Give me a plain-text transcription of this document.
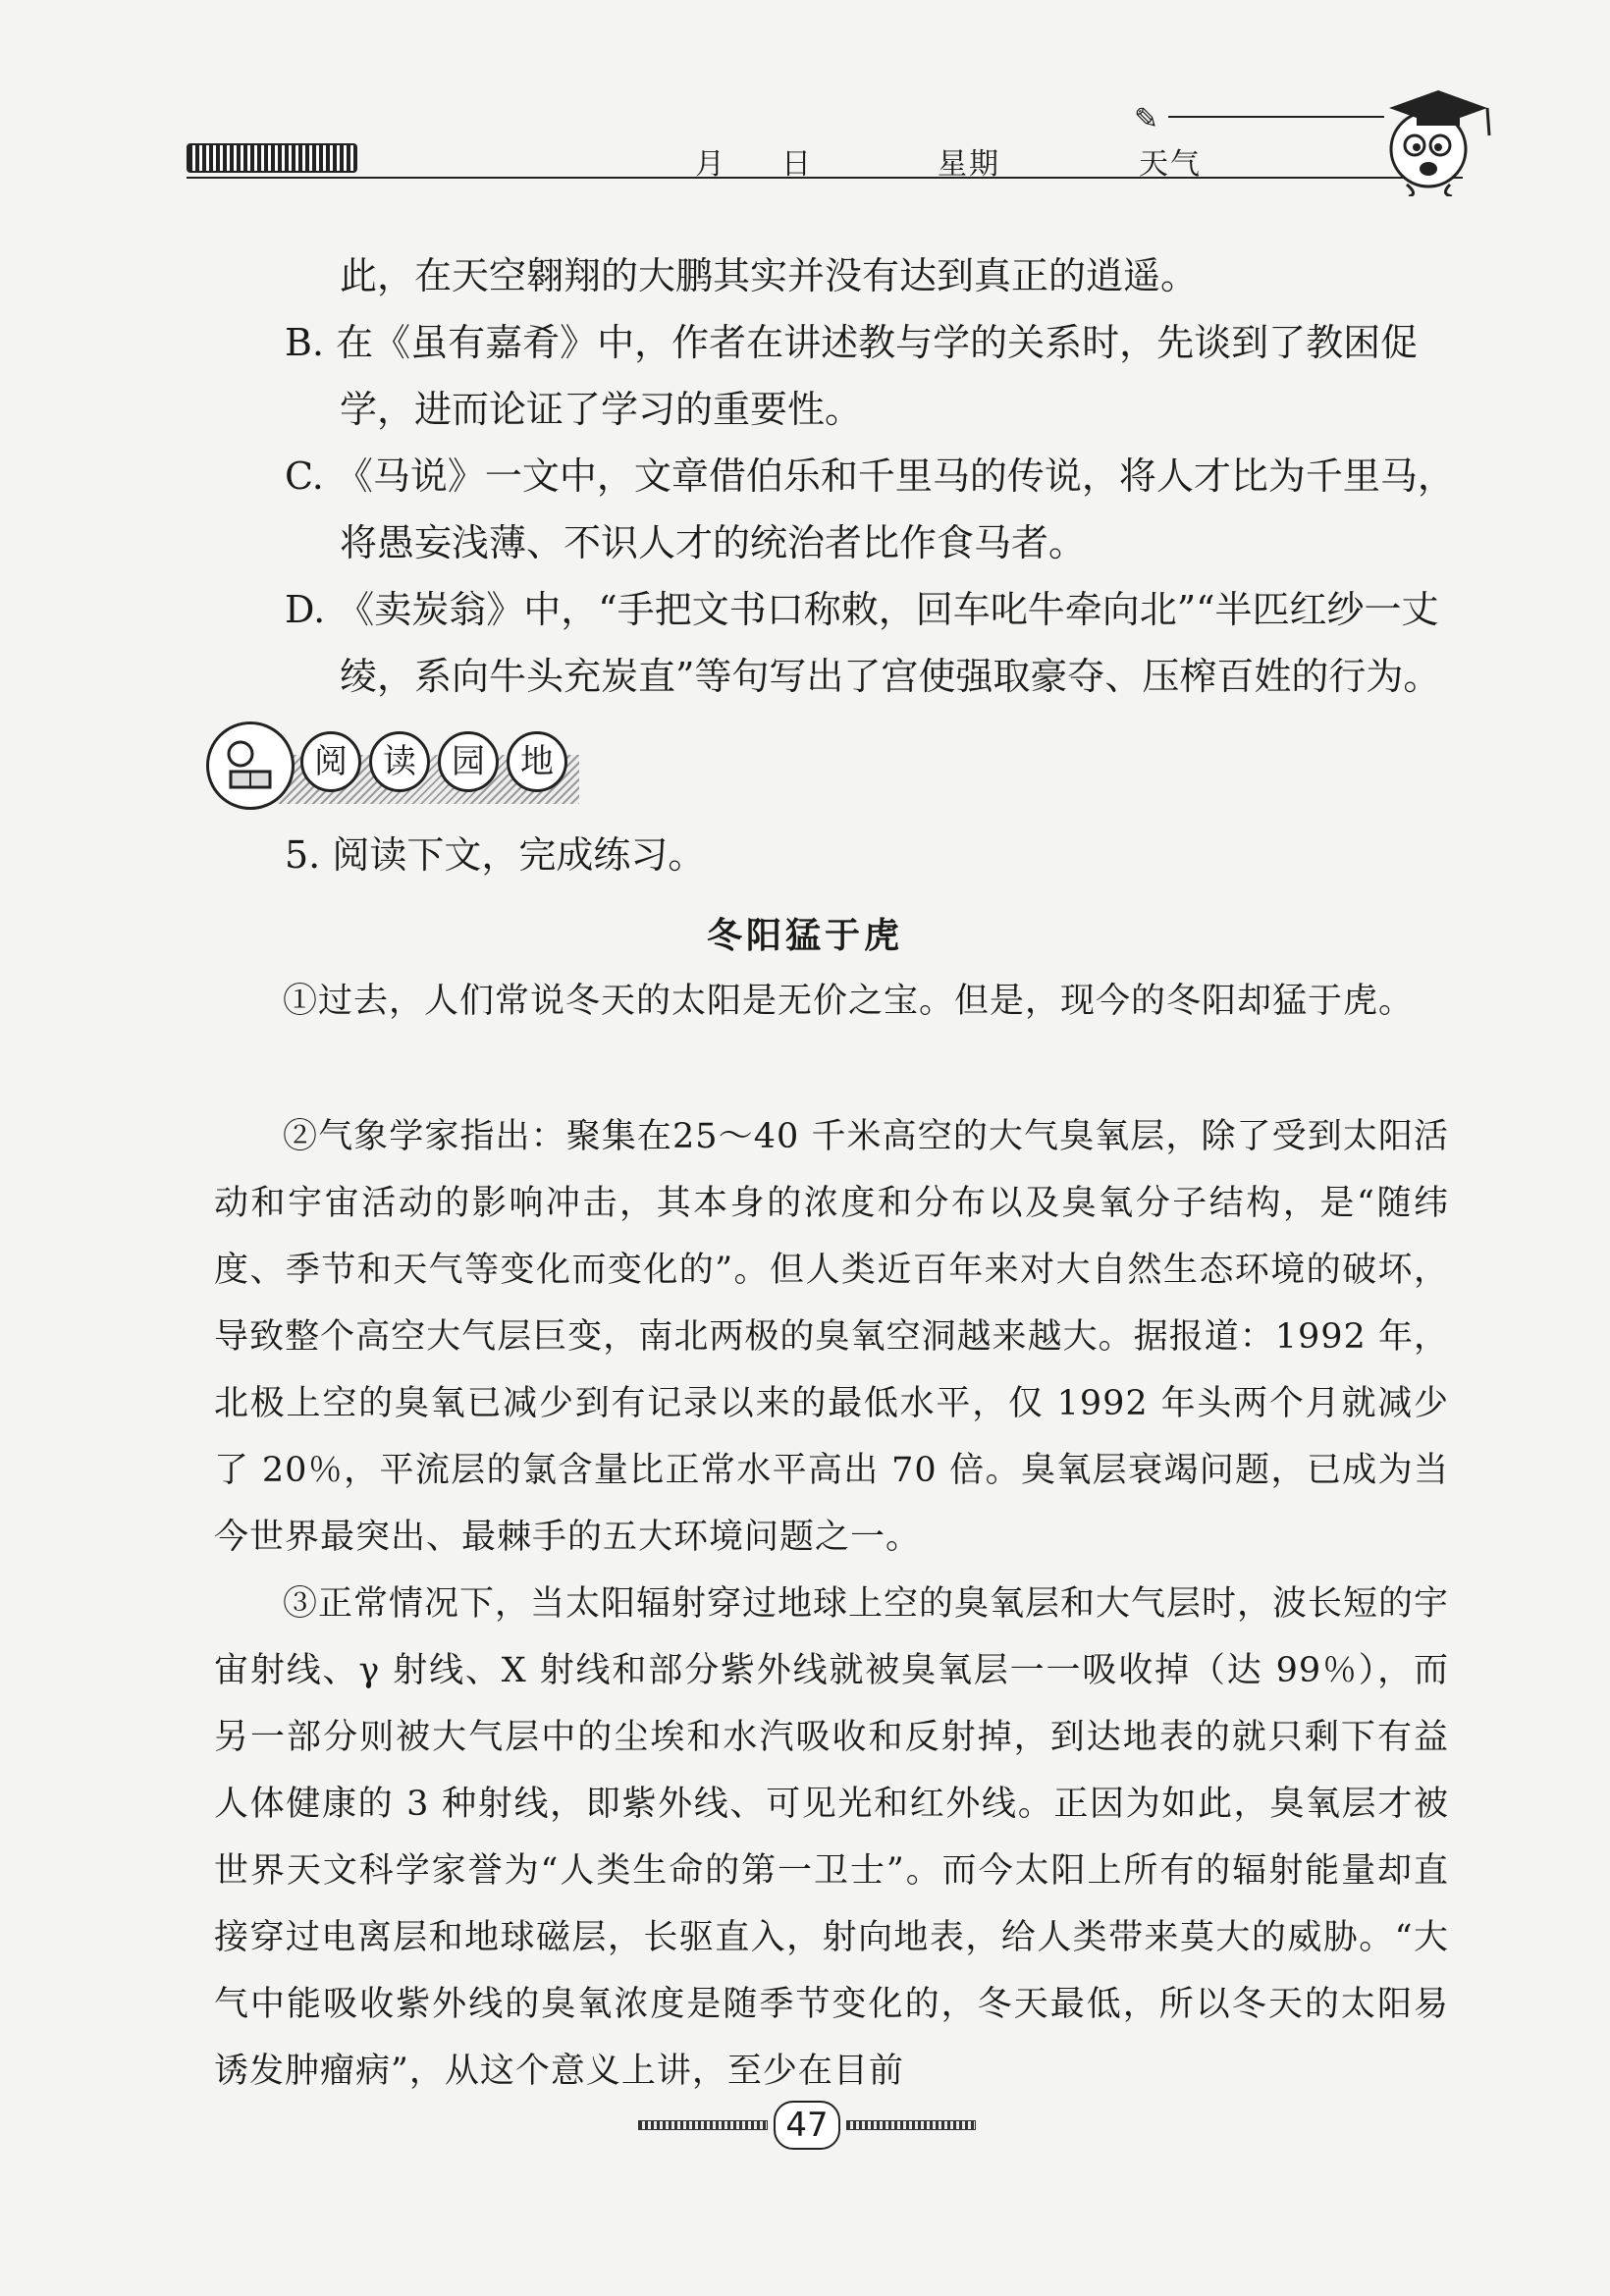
月 日	星期	天气
✎
此，在天空翱翔的大鹏其实并没有达到真正的逍遥。
B. 在《虽有嘉肴》中，作者在讲述教与学的关系时，先谈到了教困促
学，进而论证了学习的重要性。
C. 《马说》一文中，文章借伯乐和千里马的传说，将人才比为千里马，
将愚妄浅薄、不识人才的统治者比作食马者。
D. 《卖炭翁》中，“手把文书口称敕，回车叱牛牵向北”“半匹红纱一丈
绫，系向牛头充炭直”等句写出了宫使强取豪夺、压榨百姓的行为。
阅	读	园	地
5. 阅读下文，完成练习。
冬阳猛于虎
①过去，人们常说冬天的太阳是无价之宝。但是，现今的冬阳却猛于虎。
②气象学家指出：聚集在25～40 千米高空的大气臭氧层，除了受到太阳活动和宇宙活动的影响冲击，其本身的浓度和分布以及臭氧分子结构，是“随纬度、季节和天气等变化而变化的”。但人类近百年来对大自然生态环境的破坏，导致整个高空大气层巨变，南北两极的臭氧空洞越来越大。据报道：1992 年，北极上空的臭氧已减少到有记录以来的最低水平，仅 1992 年头两个月就减少了 20％，平流层的氯含量比正常水平高出 70 倍。臭氧层衰竭问题，已成为当今世界最突出、最棘手的五大环境问题之一。
③正常情况下，当太阳辐射穿过地球上空的臭氧层和大气层时，波长短的宇宙射线、γ 射线、X 射线和部分紫外线就被臭氧层一一吸收掉（达 99％），而另一部分则被大气层中的尘埃和水汽吸收和反射掉，到达地表的就只剩下有益人体健康的 3 种射线，即紫外线、可见光和红外线。正因为如此，臭氧层才被世界天文科学家誉为“人类生命的第一卫士”。而今太阳上所有的辐射能量却直接穿过电离层和地球磁层，长驱直入，射向地表，给人类带来莫大的威胁。“大气中能吸收紫外线的臭氧浓度是随季节变化的，冬天最低，所以冬天的太阳易诱发肿瘤病”，从这个意义上讲，至少在目前
47
